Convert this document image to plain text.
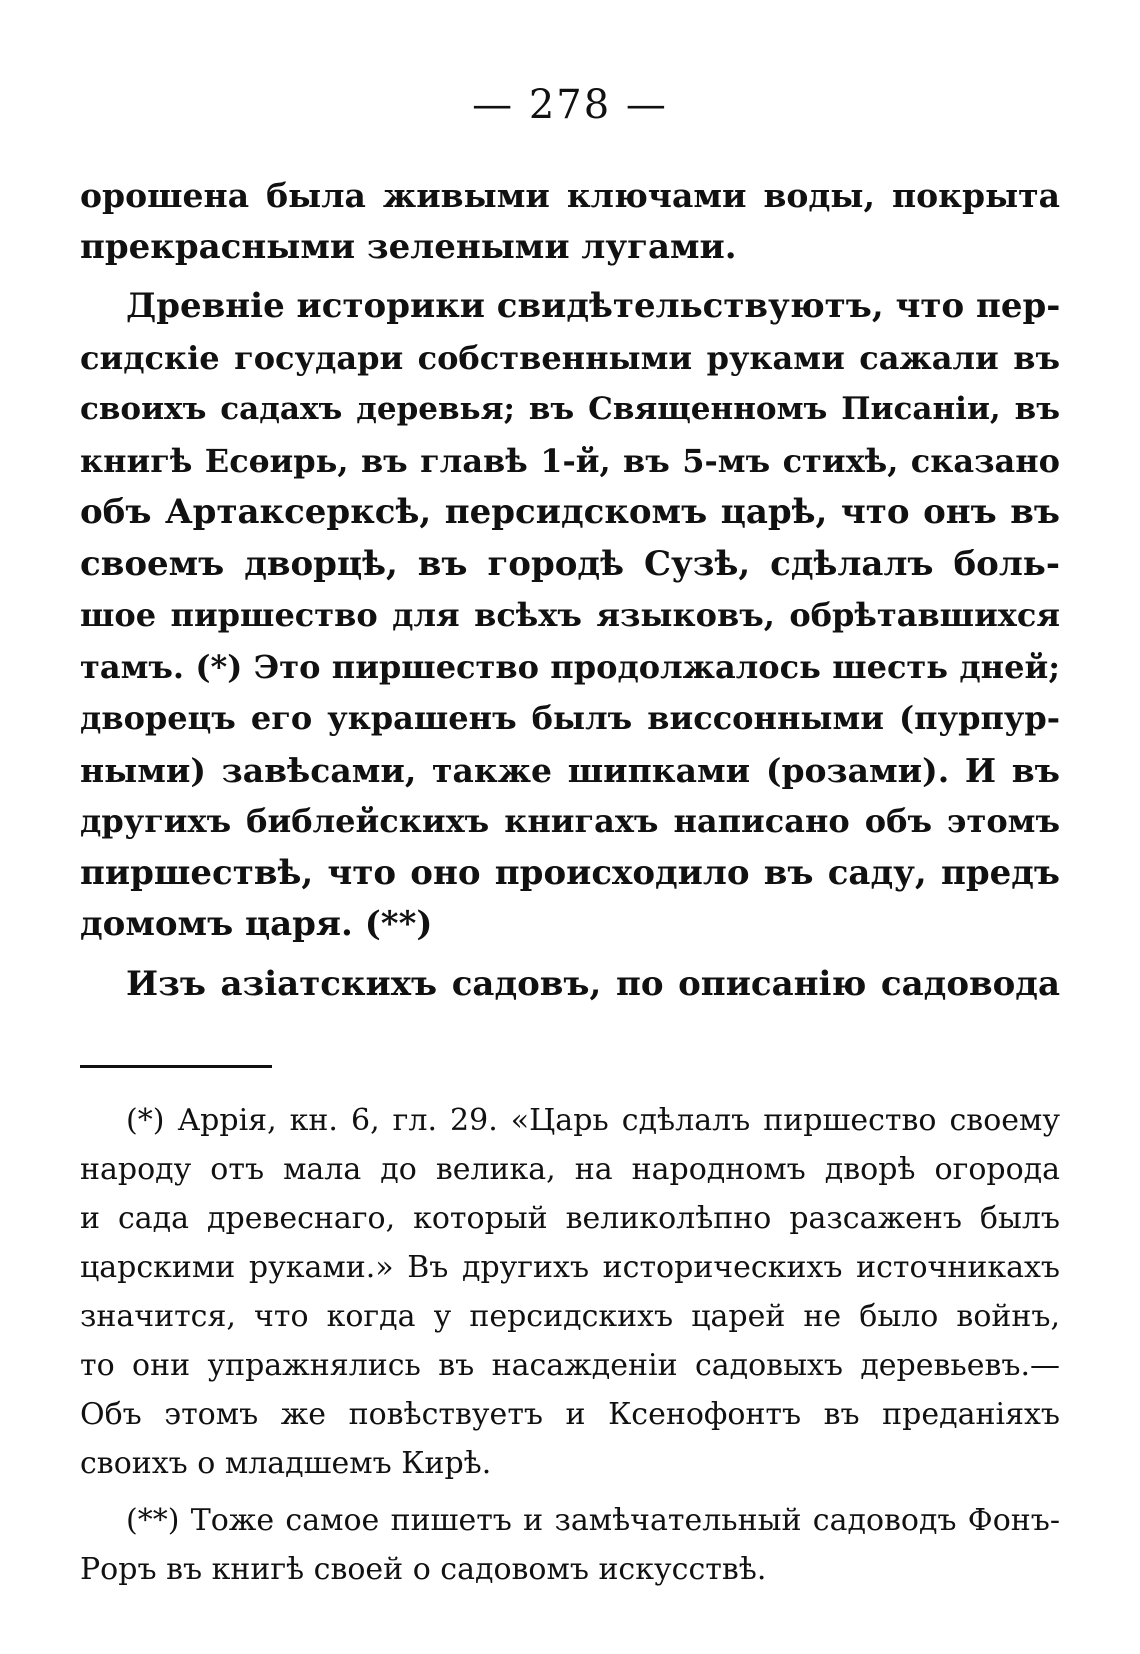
— 278 —
орошена была живыми ключами воды, покрыта
прекрасными зелеными лугами.
Древніе историки свидѣтельствуютъ, что пер-
сидскіе государи собственными руками сажали въ
своихъ садахъ деревья; въ Священномъ Писаніи, въ
книгѣ Есѳирь, въ главѣ 1-й, въ 5-мъ стихѣ, сказано
объ Артаксерксѣ, персидскомъ царѣ, что онъ въ
своемъ дворцѣ, въ городѣ Сузѣ, сдѣлалъ боль-
шое пиршество для всѣхъ языковъ, обрѣтавшихся
тамъ. (*) Это пиршество продолжалось шесть дней;
дворецъ его украшенъ былъ виссонными (пурпур-
ными) завѣсами, также шипками (розами). И въ
другихъ библейскихъ книгахъ написано объ этомъ
пиршествѣ, что оно происходило въ саду, предъ
домомъ царя. (**)
Изъ азіатскихъ садовъ, по описанію садовода
(*) Аррія, кн. 6, гл. 29. «Царь сдѣлалъ пиршество своему
народу отъ мала до велика, на народномъ дворѣ огорода
и сада древеснаго, который великолѣпно разсаженъ былъ
царскими руками.» Въ другихъ историческихъ источникахъ
значится, что когда у персидскихъ царей не было войнъ,
то они упражнялись въ насажденіи садовыхъ деревьевъ.—
Объ этомъ же повѣствуетъ и Ксенофонтъ въ преданіяхъ
своихъ о младшемъ Кирѣ.
(**) Тоже самое пишетъ и замѣчательный садоводъ Фонъ-
Роръ въ книгѣ своей о садовомъ искусствѣ.
